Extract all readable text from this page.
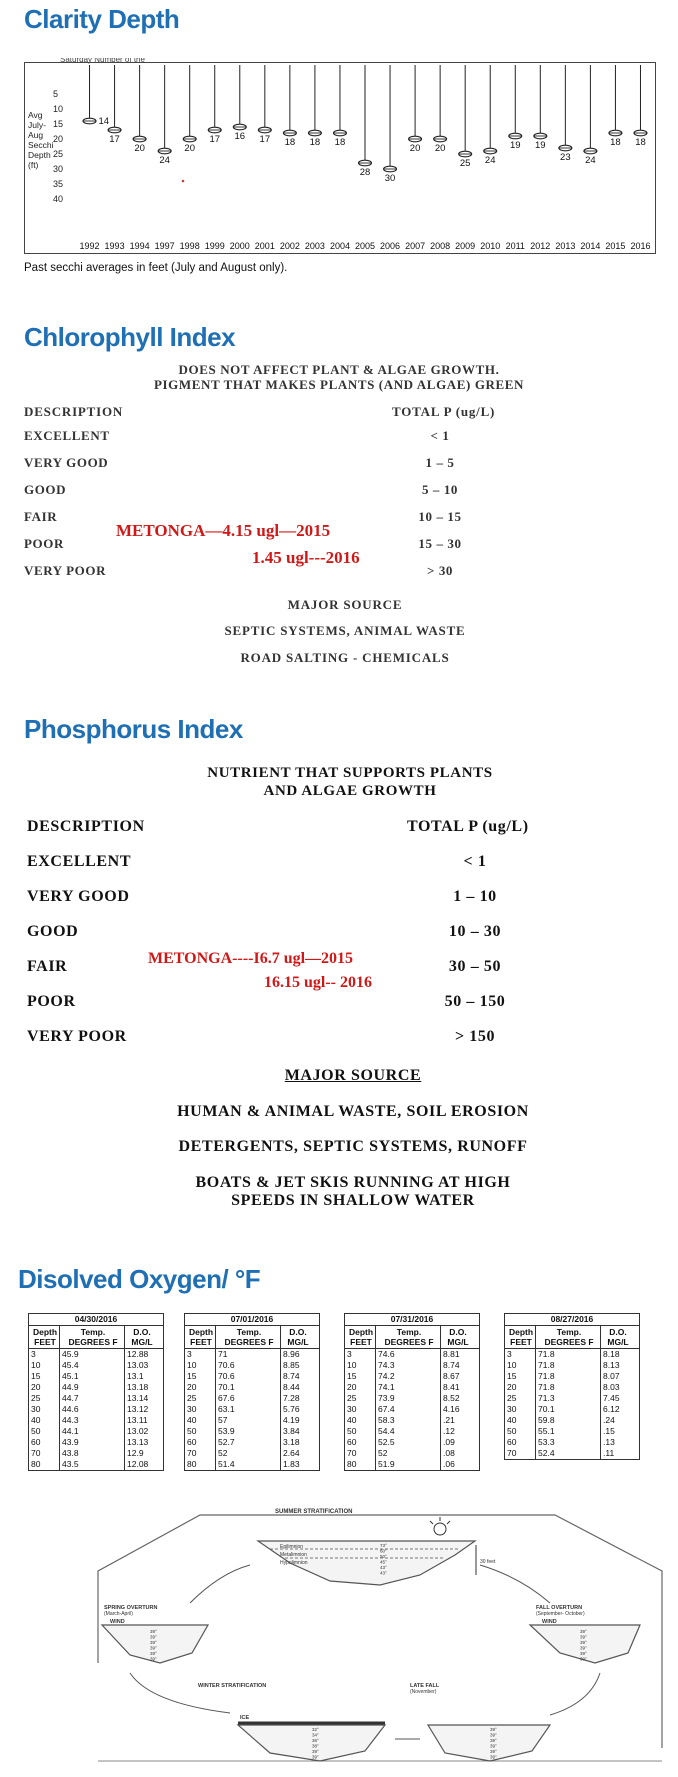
Clarity Depth
5
10
15
20
25
30
35
40
Avg
July-
Aug
Secchi
Depth
(ft)
14
1992
17
1993
20
1994
24
1997
20
1998
17
1999
16
2000
17
2001
18
2002
18
2003
18
2004
28
2005
30
2006
20
2007
20
2008
25
2009
24
2010
19
2011
19
2012
23
2013
24
2014
18
2015
18
2016
Saturday Number of the
Past secchi averages in feet (July and August only).
Chlorophyll Index
DOES NOT AFFECT PLANT & ALGAE GROWTH.
PIGMENT THAT MAKES PLANTS (AND ALGAE) GREEN
DESCRIPTION	TOTAL P (ug/L)
EXCELLENT	< 1
VERY GOOD	1 – 5
GOOD	5 – 10
FAIR	10 – 15
POOR	15 – 30
VERY POOR	> 30
METONGA—4.15 ugl—2015
1.45 ugl---2016
MAJOR SOURCE
SEPTIC SYSTEMS, ANIMAL WASTE
ROAD SALTING - CHEMICALS
Phosphorus Index
NUTRIENT THAT SUPPORTS PLANTS
AND ALGAE GROWTH
DESCRIPTION	TOTAL P (ug/L)
EXCELLENT	< 1
VERY GOOD	1 – 10
GOOD	10 – 30
FAIR	30 – 50
POOR	50 – 150
VERY POOR	> 150
METONGA----I6.7 ugl—2015
16.15 ugl-- 2016
MAJOR SOURCE
HUMAN & ANIMAL WASTE, SOIL EROSION
DETERGENTS, SEPTIC SYSTEMS, RUNOFF
BOATS & JET SKIS RUNNING AT HIGH
SPEEDS IN SHALLOW WATER
Disolved Oxygen/ °F
04/30/2016
Depth FEET
Temp. DEGREES F
D.O. MG/L
3	45.9	12.88
10	45.4	13.03
15	45.1	13.1
20	44.9	13.18
25	44.7	13.14
30	44.6	13.12
40	44.3	13.11
50	44.1	13.02
60	43.9	13.13
70	43.8	12.9
80	43.5	12.08
07/01/2016
Depth FEET
Temp. DEGREES F
D.O. MG/L
3	71	8.96
10	70.6	8.85
15	70.6	8.74
20	70.1	8.44
25	67.6	7.28
30	63.1	5.76
40	57	4.19
50	53.9	3.84
60	52.7	3.18
70	52	2.64
80	51.4	1.83
07/31/2016
Depth FEET
Temp. DEGREES F
D.O. MG/L
3	74.6	8.81
10	74.3	8.74
15	74.2	8.67
20	74.1	8.41
25	73.9	8.52
30	67.4	4.16
40	58.3	.21
50	54.4	.12
60	52.5	.09
70	52	.08
80	51.9	.06
08/27/2016
Depth FEET
Temp. DEGREES F
D.O. MG/L
3	71.8	8.18
10	71.8	8.13
15	71.8	8.07
20	71.8	8.03
25	71.3	7.45
30	70.1	6.12
40	59.8	.24
50	55.1	.15
60	53.3	.13
70	52.4	.11
SUMMER STRATIFICATION
Epilimnion
Metalimnion
Hypolimnion	30 feet
SPRING OVERTURN
(March-April)
WIND
FALL OVERTURN
(September- October)
WIND
WINTER STRATIFICATION
ICE
LATE FALL
(November)
73°
60°
50°
45°
43°
43°
39°
39°
39°
39°
39°
39°
39°
39°
39°
39°
39°
39°
32°
34°
36°
38°
39°
39°
39°
39°
39°
39°
39°
39°
